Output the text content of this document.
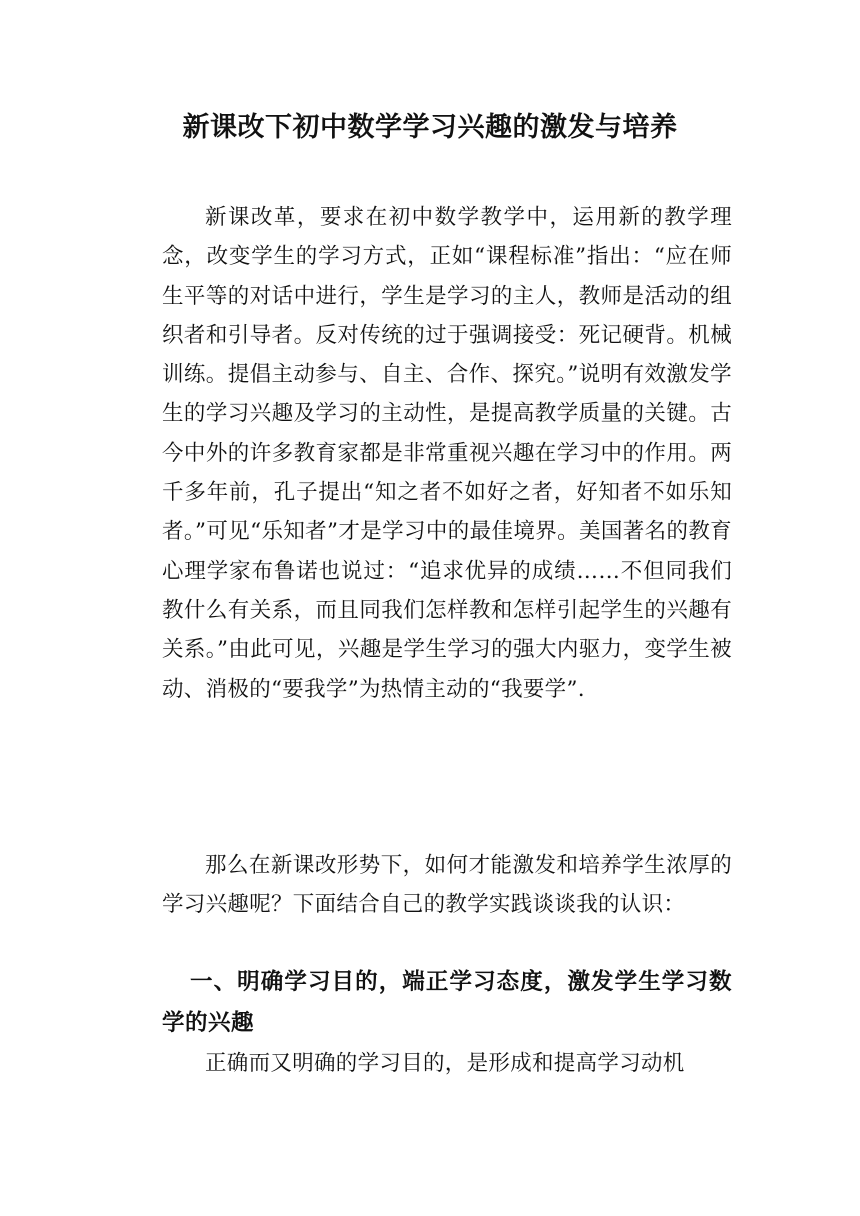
新课改下初中数学学习兴趣的激发与培养

新课改革，要求在初中数学教学中，运用新的教学理念，改变学生的学习方式，正如“课程标准”指出：“应在师生平等的对话中进行，学生是学习的主人，教师是活动的组织者和引导者。反对传统的过于强调接受：死记硬背。机械训练。提倡主动参与、自主、合作、探究。”说明有效激发学生的学习兴趣及学习的主动性，是提高教学质量的关键。古今中外的许多教育家都是非常重视兴趣在学习中的作用。两千多年前，孔子提出“知之者不如好之者，好知者不如乐知者。”可见“乐知者”才是学习中的最佳境界。美国著名的教育心理学家布鲁诺也说过：“追求优异的成绩……不但同我们教什么有关系，而且同我们怎样教和怎样引起学生的兴趣有关系。”由此可见，兴趣是学生学习的强大内驱力，变学生被动、消极的“要我学”为热情主动的“我要学”.

那么在新课改形势下，如何才能激发和培养学生浓厚的学习兴趣呢？下面结合自己的教学实践谈谈我的认识：

一、明确学习目的，端正学习态度，激发学生学习数学的兴趣

正确而又明确的学习目的，是形成和提高学习动机
